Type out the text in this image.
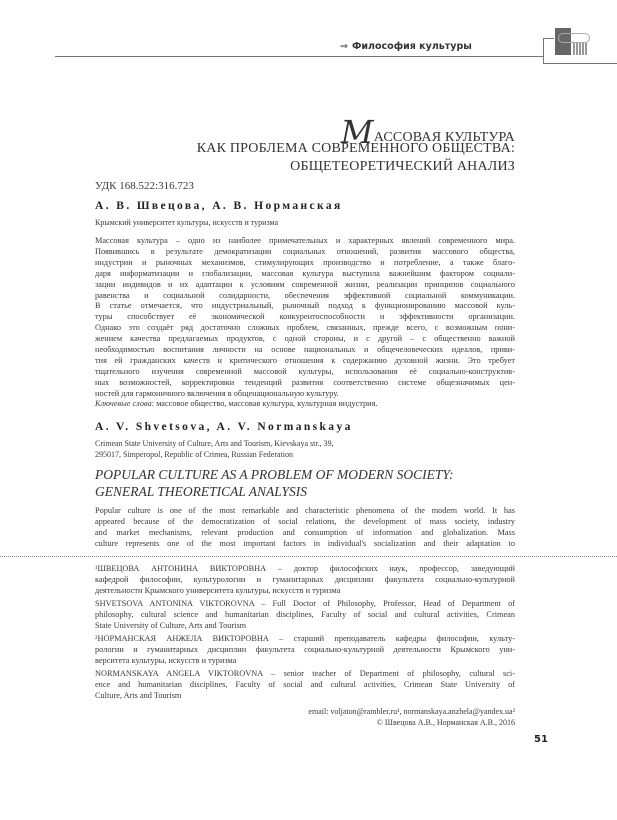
⇒ Философия культуры
МАССОВАЯ КУЛЬТУРА
КАК ПРОБЛЕМА СОВРЕМЕННОГО ОБЩЕСТВА:
ОБЩЕТЕОРЕТИЧЕСКИЙ АНАЛИЗ
УДК 168.522:316.723
А. В. Швецова, А. В. Норманская
Крымский университет культуры, искусств и туризма
Массовая культура – одно из наиболее примечательных и характерных явлений современного мира.
Появившись в результате демократизации социальных отношений, развития массового общества,
индустрии и рыночных механизмов, стимулирующих производство и потребление, а также благо-
даря информатизации и глобализации, массовая культура выступила важнейшим фактором социали-
зации индивидов и их адаптации к условиям современной жизни, реализации принципов социального
равенства и социальной солидарности, обеспечения эффективной социальной коммуникации.
В статье отмечается, что индустриальный, рыночный подход к функционированию массовой куль-
туры способствует её экономической конкурентоспособности и эффективности организации.
Однако это создаёт ряд достаточно сложных проблем, связанных, прежде всего, с возможным пони-
жением качества предлагаемых продуктов, с одной стороны, и с другой – с общественно важной
необходимостью воспитания личности на основе национальных и общечеловеческих идеалов, приви-
тия ей гражданских качеств и критического отношения к содержанию духовной жизни. Это требует
тщательного изучения современной массовой культуры, использования её социально-конструктив-
ных возможностей, корректировки тенденций развития соответственно системе общезначимых цен-
ностей для гармоничного включения в общенациональную культуру.
Ключевые слова: массовое общество, массовая культура, культурная индустрия.
A. V. Shvetsova, A. V. Normanskaya
Crimean State University of Culture, Arts and Tourism, Kievskaya str., 39,
295017, Simperopol, Republic of Crimea, Russian Federation
POPULAR CULTURE AS A PROBLEM OF MODERN SOCIETY:
GENERAL THEORETICAL ANALYSIS
Popular culture is one of the most remarkable and characteristic phenomena of the modern world. It has
appeared because of the democratization of social relations, the development of mass society, industry
and market mechanisms, relevant production and consumption of information and globalization. Mass
culture represents one of the most important factors in individual's socialization and their adaptation to
¹ШВЕЦОВА АНТОНИНА ВИКТОРОВНА – доктор философских наук, профессор, заведующий
кафедрой философии, культурологии и гуманитарных дисциплин факультета социально-культурной
деятельности Крымского университета культуры, искусств и туризма
SHVETSOVA ANTONINA VIKTOROVNA – Full Doctor of Philosophy, Professor, Head of Department of
philosophy, cultural science and humanitarian disciplines, Faculty of social and cultural activities, Crimean
State University of Culture, Arts and Tourism
²НОРМАНСКАЯ АНЖЕЛА ВИКТОРОВНА – старший преподаватель кафедры философии, культу-
рологии и гуманитарных дисциплин факультета социально-культурной деятельности Крымского уни-
верситета культуры, искусств и туризма
NORMANSKAYA ANGELA VIKTOROVNA – senior teacher of Department of philosophy, cultural sci-
ence and humanitarian disciplines, Faculty of social and cultural activities, Crimean State University of
Culture, Arts and Tourism
email: voljaton@rambler.ru¹, normanskaya.anzhela@yandex.ua²
© Швецова А.В., Норманская А.В., 2016
51
